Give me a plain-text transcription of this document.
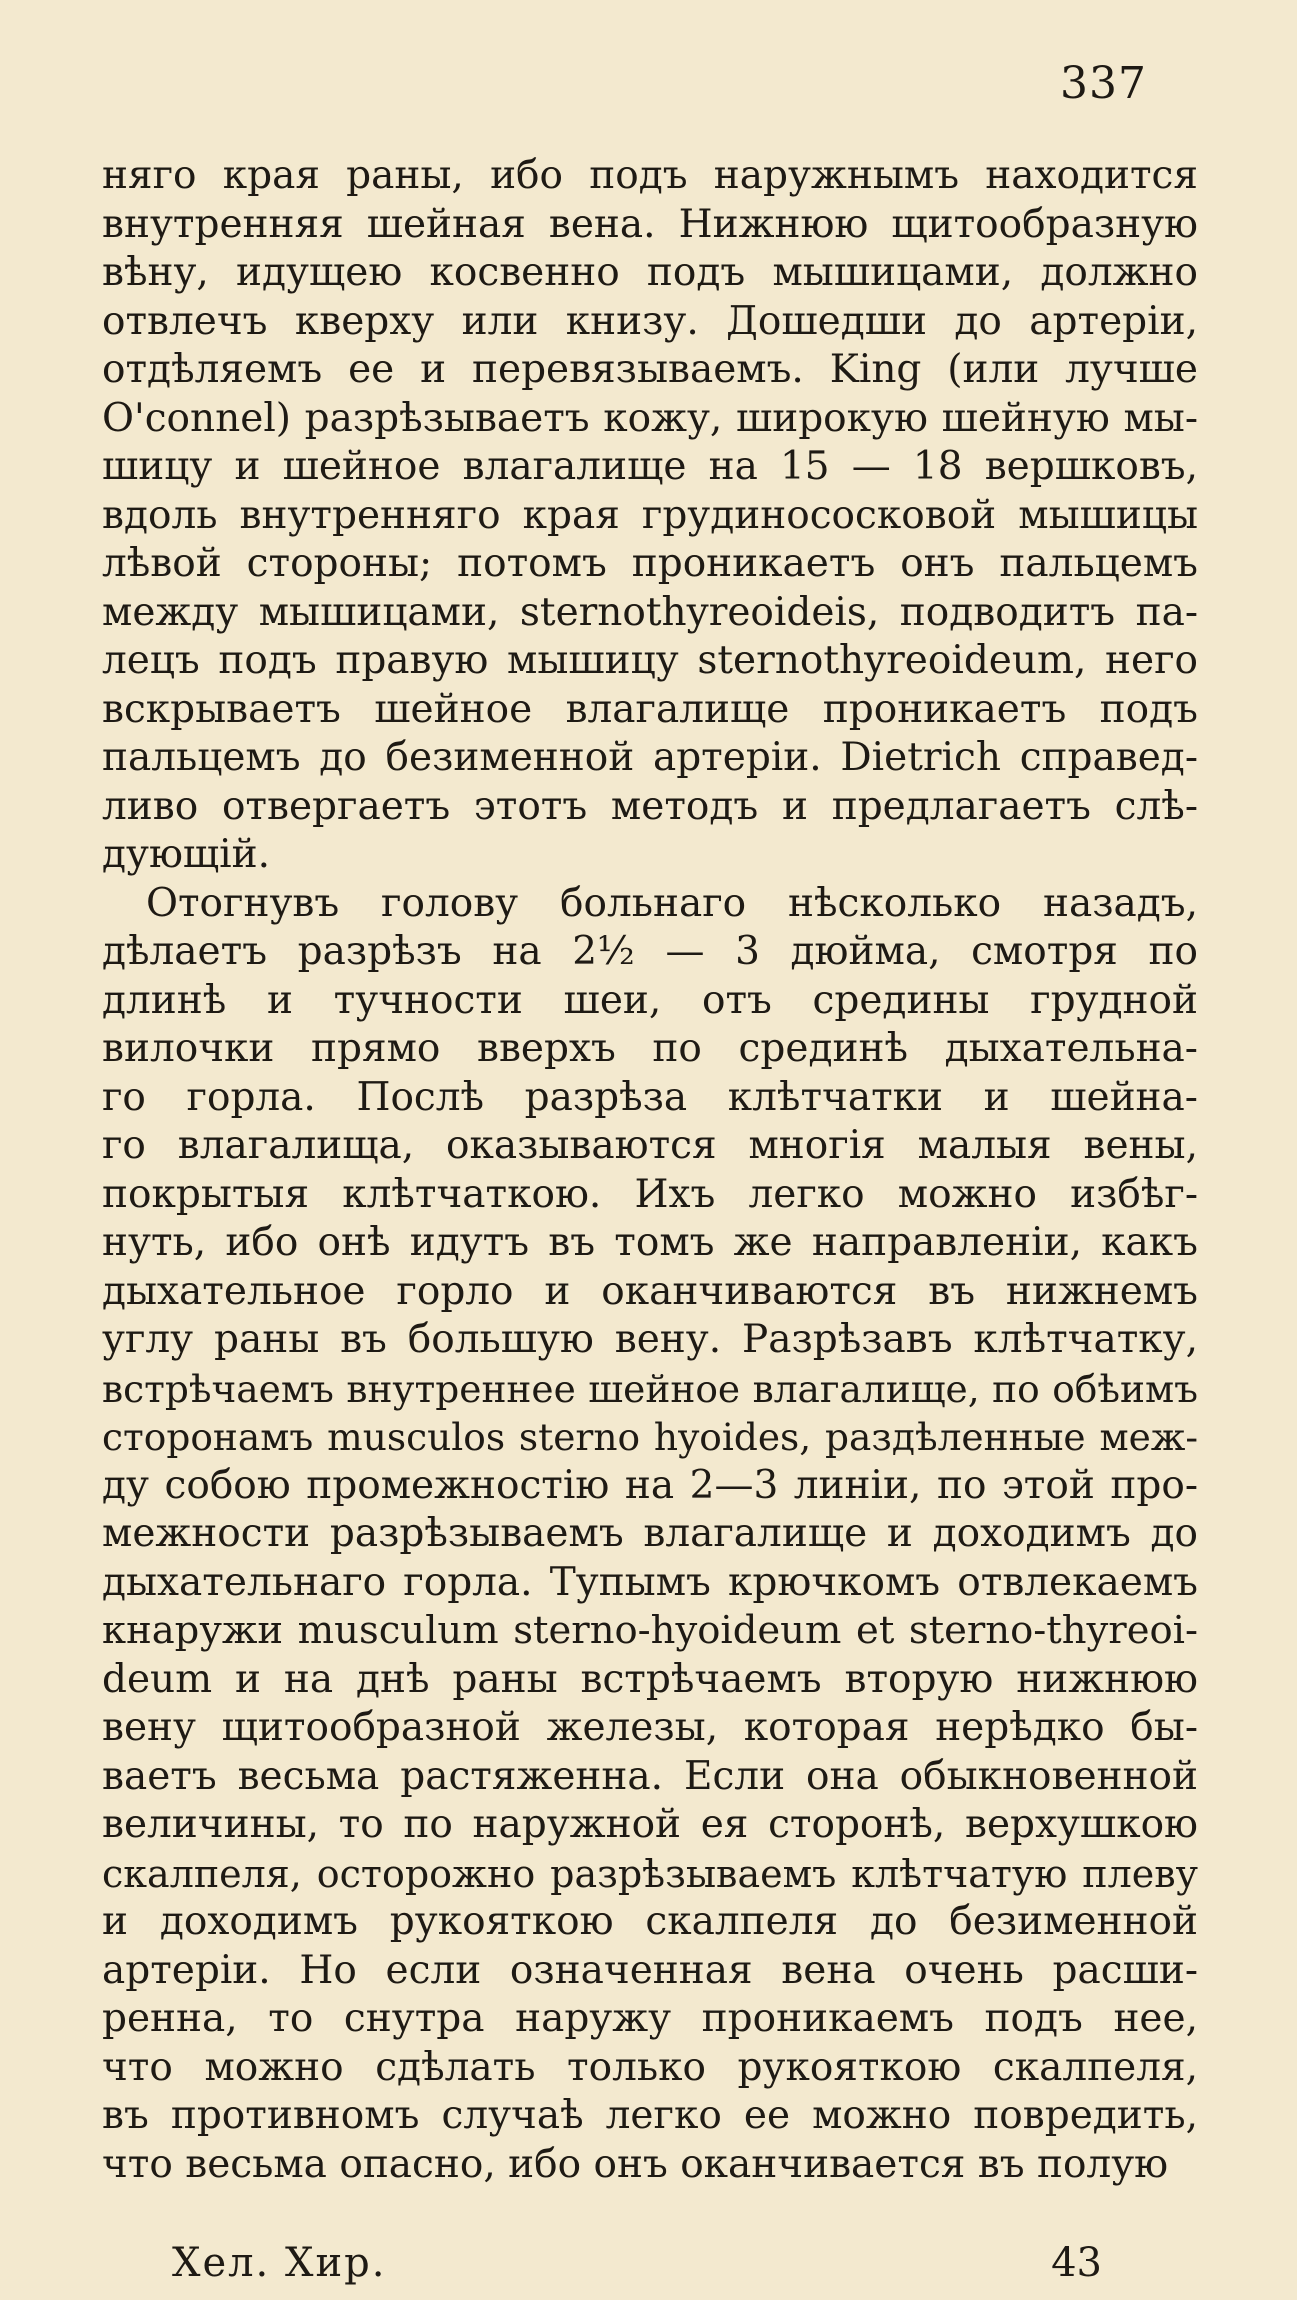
337
няго края раны, ибо подъ наружнымъ находится
внутренняя шейная вена. Нижнюю щитообразную
вѣну, идущею косвенно подъ мышицами, должно
отвлечъ кверху или книзу. Дошедши до артеріи,
отдѣляемъ ее и перевязываемъ. King (или лучше
O'connel) разрѣзываетъ кожу, широкую шейную мы-
шицу и шейное влагалище на 15 — 18 вершковъ,
вдоль внутренняго края грудиносocковой мышицы
лѣвой стороны; потомъ проникаетъ онъ пальцемъ
между мышицами, sternothyreoideis, подводитъ па-
лецъ подъ правую мышицу sternothyreoideum, него
вскрываетъ шейное влагалище проникаетъ подъ
пальцемъ до безименной артеріи. Dietrich справед-
ливо отвергаетъ этотъ методъ и предлагаетъ слѣ-
дующій.
Отогнувъ голову больнаго нѣсколько назадъ,
дѣлаетъ разрѣзъ на 2½ — 3 дюйма, смотря по
длинѣ и тучности шеи, отъ средины грудной
вилочки прямо вверхъ по срединѣ дыхательна-
го горла. Послѣ разрѣза клѣтчатки и шейна-
го влагалища, оказываются многія малыя вены,
покрытыя клѣтчаткою. Ихъ легко можно избѣг-
нуть, ибо онѣ идутъ въ томъ же направленіи, какъ
дыхательное горло и оканчиваются въ нижнемъ
углу раны въ большую вену. Разрѣзавъ клѣтчатку,
встрѣчаемъ внутреннее шейное влагалище, по обѣимъ
сторонамъ musculos sterno hyoides, раздѣленные меж-
ду собою промежностію на 2—3 линіи, по этой про-
межности разрѣзываемъ влагалище и доходимъ до
дыхательнаго горла. Тупымъ крючкомъ отвлекаемъ
кнаружи musculum sterno-hyoideum et sterno-thyreoi-
deum и на днѣ раны встрѣчаемъ вторую нижнюю
вену щитообразной железы, которая нерѣдко бы-
ваетъ весьма растяженна. Если она обыкновенной
величины, то по наружной ея сторонѣ, верхушкою
скалпеля, осторожно разрѣзываемъ клѣтчатую плеву
и доходимъ рукояткою скалпеля до безименной
артеріи. Но если означенная вена очень расши-
ренна, то снутра наружу проникаемъ подъ нее,
что можно сдѣлать только рукояткою скалпеля,
въ противномъ случаѣ легко ее можно повредить,
что весьма опасно, ибо онъ оканчивается въ полую
Хел. Хир.	43
